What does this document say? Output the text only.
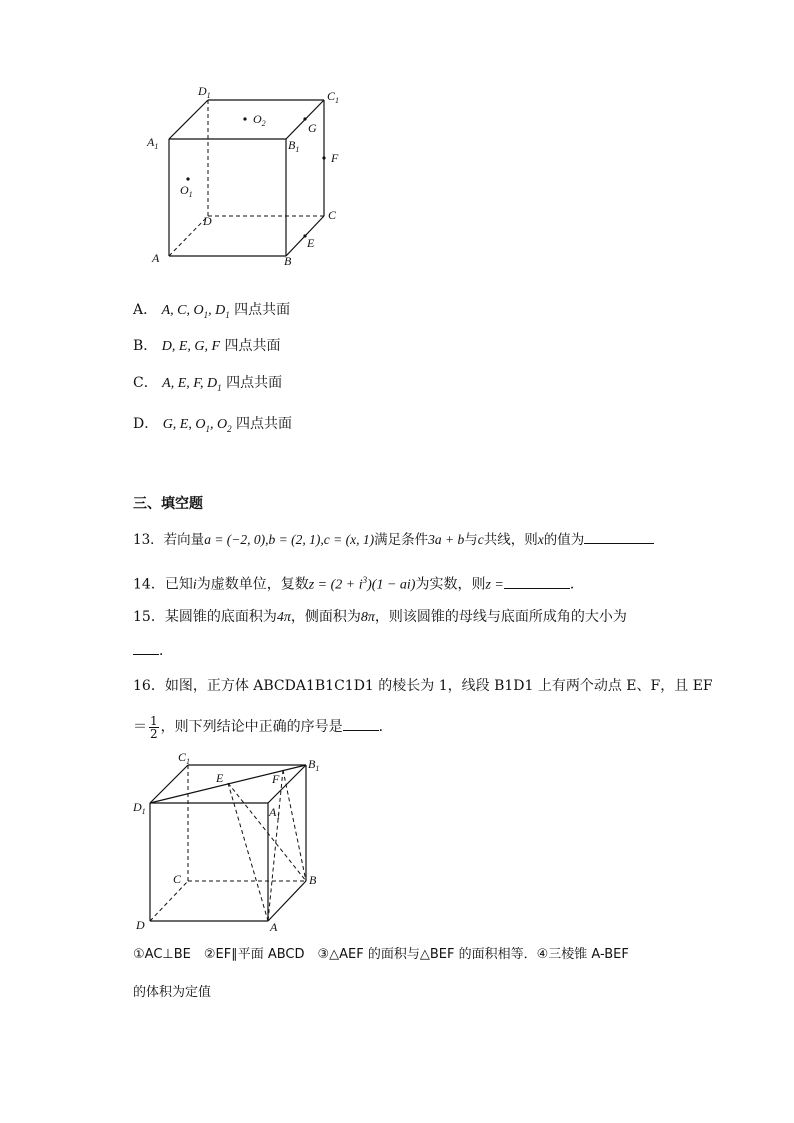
$D_1$	$C_1$
$A_1$	$B_1$
$O_2$	G
F
$O_1$
D	C
A	B
E
A． A, C, $O_1$, $D_1$ 四点共面
B． D, E, G, F 四点共面
C． A, E, F, $D_1$ 四点共面
D． G, E, $O_1$, $O_2$ 四点共面
三、填空题
13．若向量a = (−2, 0),b = (2, 1),c = (x, 1)满足条件3a + b与c共线，则x的值为
14．已知i为虚数单位，复数$z = (2 + i^3)(1 - ai)$为实数，则z =	．
15．某圆锥的底面积为4π，侧面积为8π，则该圆锥的母线与底面所成角的大小为
．
16．如图，正方体 ABCDA1B1C1D1 的棱长为 1，线段 B1D1 上有两个动点 E、F，且 EF
＝ $\frac{1}{2}$ ，则下列结论中正确的序号是	．
$C_1$
E	F
$B_1$
$D_1$	$A_1$
C	B
D	A
①AC⊥BE　②EF∥平面 ABCD　③△AEF 的面积与△BEF 的面积相等．④三棱锥 A-BEF
的体积为定值
